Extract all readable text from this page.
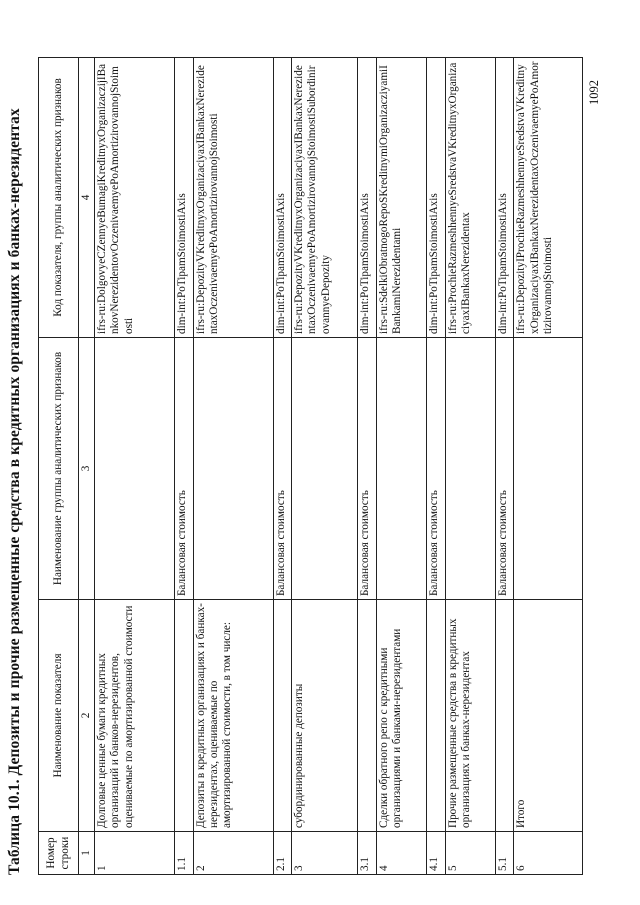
Таблица 10.1. Депозиты и прочие размещенные средства в кредитных организациях и банках-нерезидентах Номер строки	Наименование показателя	Наименование группы аналитических признаков	Код показателя, группы аналитических признаков
1	2	3	4
1	Долговые ценные бумаги кредитных организаций и банков-нерезидентов, оцениваемые по амортизированной стоимости		ifrs-ru:DolgovyeCZennyeBumagiKreditnyxOrganizaczijIBankovNerezidentovOczenivaemyePoAmortizirovannojStoimosti
1.1		Балансовая стоимость	dim-int:PoTipamStoimostiAxis
2	Депозиты в кредитных организациях и банках-нерезидентах, оцениваемые по амортизированной стоимости, в том числе:		ifrs-ru:DepozityVKreditnyxOrganizaciyaxIBankaxNerezidentaxOczenivaemyePoAmortizirovannojStoimosti
2.1		Балансовая стоимость	dim-int:PoTipamStoimostiAxis
3	субординированные депозиты		ifrs-ru:DepozityVKreditnyxOrganizaciyaxIBankaxNerezidentaxOczenivaemyePoAmortizirovannojStoimostiSubordinirovannyeDepozity
3.1		Балансовая стоимость	dim-int:PoTipamStoimostiAxis
4	Сделки обратного репо с кредитными организациями и банками-нерезидентами		ifrs-ru:SdelkiObratnogoRepoSKreditnymiOrganizacziyamiIBankamiNerezidentami
4.1		Балансовая стоимость	dim-int:PoTipamStoimostiAxis
5	Прочие размещенные средства в кредитных организациях и банках-нерезидентах		ifrs-ru:ProchieRazmeshhennyeSredstvaVKreditnyxOrganizaciyaxIBankaxNerezidentax
5.1		Балансовая стоимость	dim-int:PoTipamStoimostiAxis
6	Итого		ifrs-ru:DepozityIProchieRazmeshhennyeSredstvaVKreditnyxOrganizaciyaxIBankaxNerezidentaxOczenivaemyePoAmortizirovannojStoimosti
1092
